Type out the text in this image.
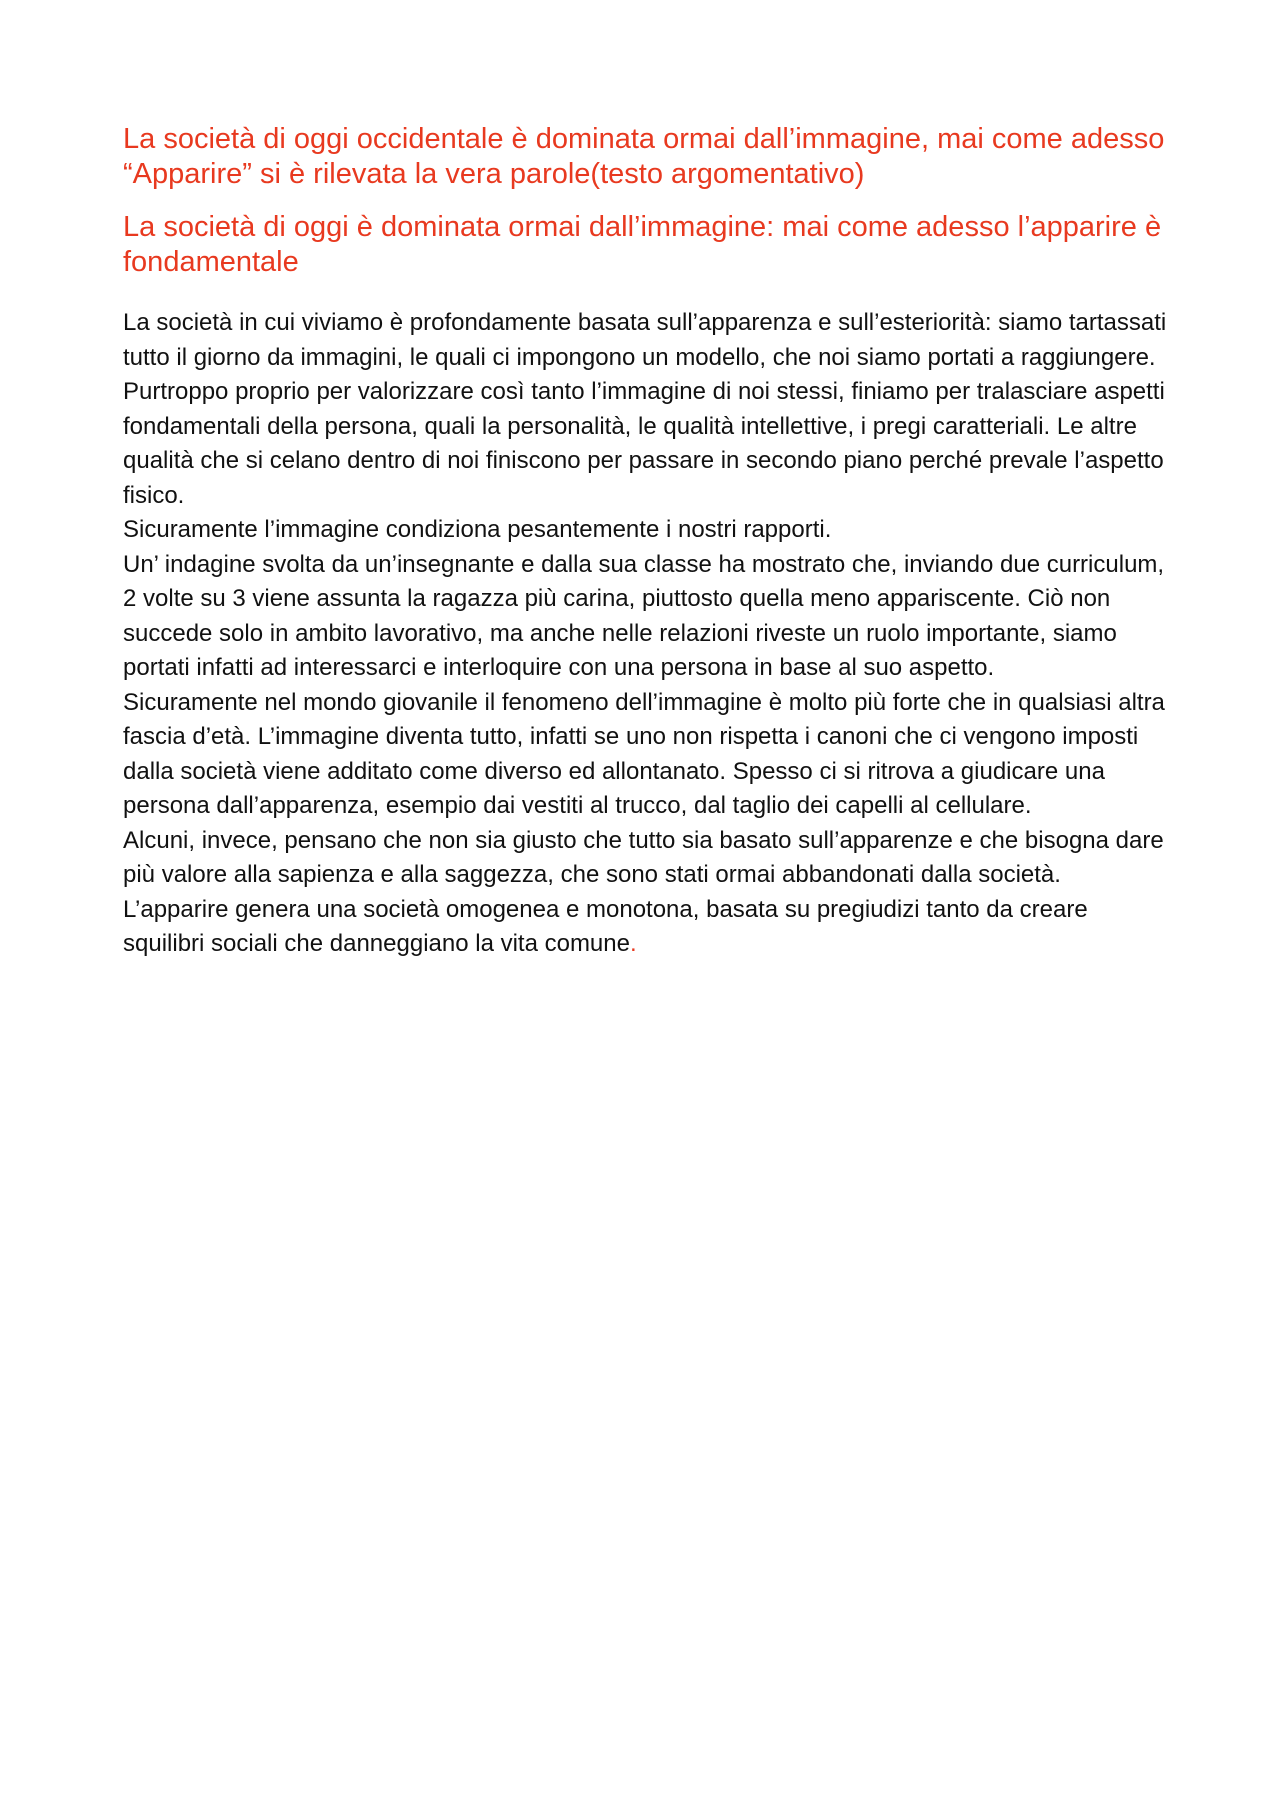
La società di oggi occidentale è dominata ormai dall’immagine, mai come adesso “Apparire” si è rilevata la vera parole(testo argomentativo)
La società di oggi è dominata ormai dall’immagine: mai come adesso l’apparire è fondamentale
La società in cui viviamo è profondamente basata sull’apparenza e sull’esteriorità: siamo tartassati tutto il giorno da immagini, le quali ci impongono un modello, che noi siamo portati a raggiungere.
Purtroppo proprio per valorizzare così tanto l’immagine di noi stessi, finiamo per tralasciare aspetti fondamentali della persona, quali la personalità, le qualità intellettive, i pregi caratteriali. Le altre qualità che si celano dentro di noi finiscono per passare in secondo piano perché prevale l’aspetto fisico.
Sicuramente l’immagine condiziona pesantemente i nostri rapporti.
Un’ indagine svolta da un’insegnante e dalla sua classe ha mostrato che, inviando due curriculum, 2 volte su 3 viene assunta la ragazza più carina, piuttosto quella meno appariscente. Ciò non succede solo in ambito lavorativo, ma anche nelle relazioni riveste un ruolo importante, siamo portati infatti ad interessarci e interloquire con una persona in base al suo aspetto.
Sicuramente nel mondo giovanile il fenomeno dell’immagine è molto più forte che in qualsiasi altra fascia d’età. L’immagine diventa tutto, infatti se uno non rispetta i canoni che ci vengono imposti dalla società viene additato come diverso ed allontanato. Spesso ci si ritrova a giudicare una persona dall’apparenza, esempio dai vestiti al trucco, dal taglio dei capelli al cellulare.
Alcuni, invece, pensano che non sia giusto che tutto sia basato sull’apparenze e che bisogna dare più valore alla sapienza e alla saggezza, che sono stati ormai abbandonati dalla società.
L’apparire genera una società omogenea e monotona, basata su pregiudizi tanto da creare squilibri sociali che danneggiano la vita comune.
